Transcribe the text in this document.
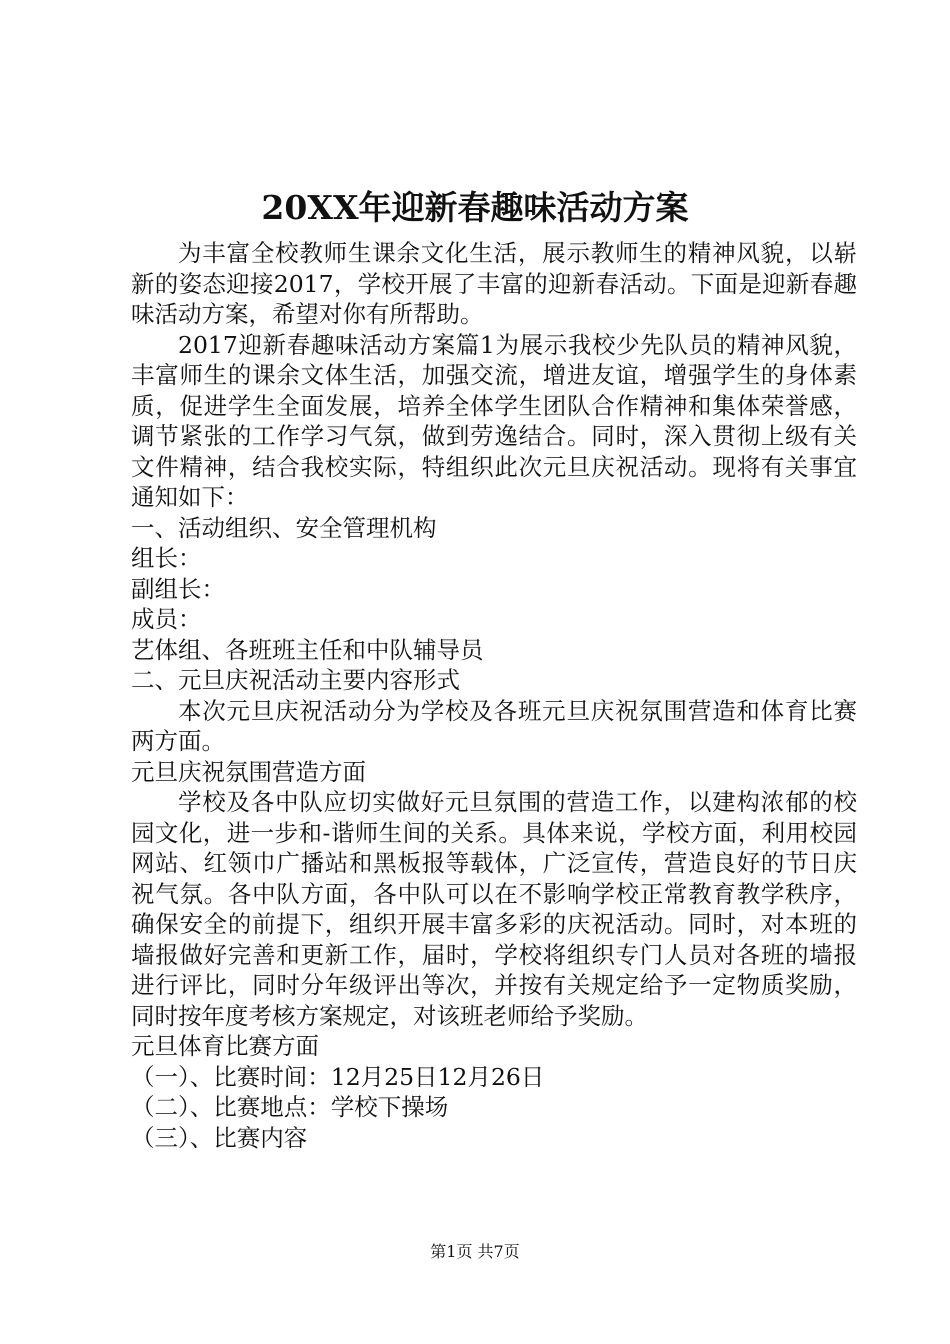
20XX年迎新春趣味活动方案

为丰富全校教师生课余文化生活，展示教师生的精神风貌，以崭新的姿态迎接2017，学校开展了丰富的迎新春活动。下面是迎新春趣味活动方案，希望对你有所帮助。

2017迎新春趣味活动方案篇1为展示我校少先队员的精神风貌，丰富师生的课余文体生活，加强交流，增进友谊，增强学生的身体素质，促进学生全面发展，培养全体学生团队合作精神和集体荣誉感，调节紧张的工作学习气氛，做到劳逸结合。同时，深入贯彻上级有关文件精神，结合我校实际，特组织此次元旦庆祝活动。现将有关事宜通知如下：

一、活动组织、安全管理机构

组长：

副组长：

成员：

艺体组、各班班主任和中队辅导员

二、元旦庆祝活动主要内容形式

本次元旦庆祝活动分为学校及各班元旦庆祝氛围营造和体育比赛两方面。

元旦庆祝氛围营造方面

学校及各中队应切实做好元旦氛围的营造工作，以建构浓郁的校园文化，进一步和-谐师生间的关系。具体来说，学校方面，利用校园网站、红领巾广播站和黑板报等载体，广泛宣传，营造良好的节日庆祝气氛。各中队方面，各中队可以在不影响学校正常教育教学秩序，确保安全的前提下，组织开展丰富多彩的庆祝活动。同时，对本班的墙报做好完善和更新工作，届时，学校将组织专门人员对各班的墙报进行评比，同时分年级评出等次，并按有关规定给予一定物质奖励，同时按年度考核方案规定，对该班老师给予奖励。

元旦体育比赛方面

（一）、比赛时间：12月25日12月26日

（二）、比赛地点：学校下操场

（三）、比赛内容

第1页 共7页
